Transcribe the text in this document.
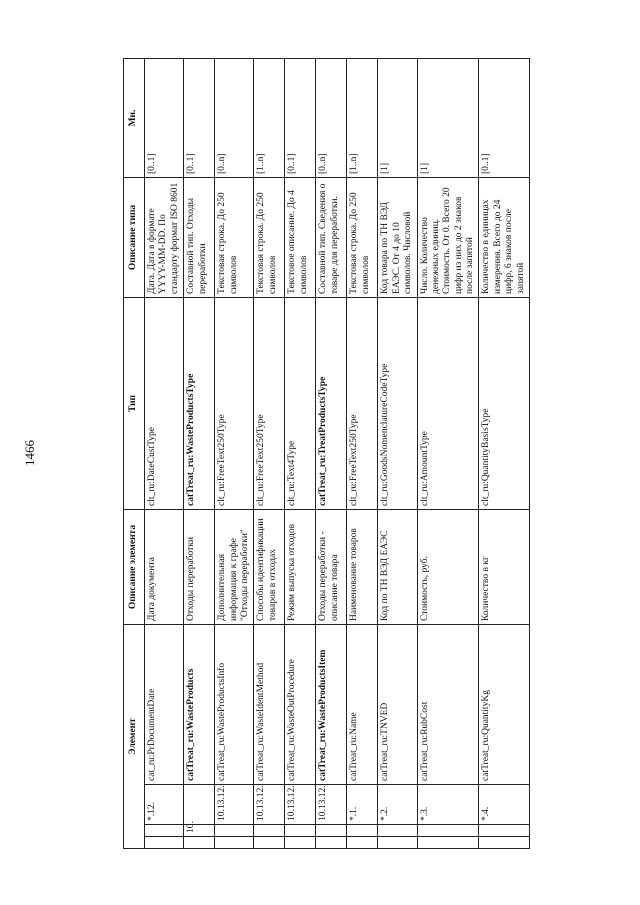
1466
Элемент				Описание элемента	Тип	Описание типа	Мн.
		*.12.	cat_ru:PrDocumentDate	Дата документа	clt_ru:DateCustType	Дата. Дата в формате YYYY-MM-DD. По стандарту формат ISO 8601	[0..1]
	10.		catTreat_ru:WasteProducts	Отходы переработки	catTreat_ru:WasteProductsType	Составной тип. Отходы переработки	[0..1]
		10.13.12.	catTreat_ru:WasteProductsInfo	Дополнительная информация к графе "Отходы переработки"	clt_ru:FreeText250Type	Текстовая строка. До 250 символов	[0..n]
		10.13.12.	catTreat_ru:WasteIdentMethod	Способы идентификации товаров в отходах	clt_ru:FreeText250Type	Текстовая строка. До 250 символов	[1..n]
		10.13.12.	catTreat_ru:WasteOutProcedure	Режим выпуска отходов	clt_ru:Text4Type	Текстовое описание. До 4 символов	[0..1]
		10.13.12.	catTreat_ru:WasteProductsItem	Отходы переработки - описание товара	catTreat_ru:TreatProductsType	Составной тип. Сведения о товаре для переработки.	[0..n]
		*.1.	catTreat_ru:Name	Наименование товаров	clt_ru:FreeText250Type	Текстовая строка. До 250 символов	[1..n]
		*.2.	catTreat_ru:TNVED	Код по ТН ВЭД ЕАЭС	clt_ru:GoodsNomenclatureCodeType	Код товара по ТН ВЭД ЕАЭС. От 4 до 10 символов. Числовой	[1]
		*.3.	catTreat_ru:RubCost	Стоимость, руб.	clt_ru:AmountType	Число. Количество денежных единиц. Стоимость. От 0. Всего 20 цифр из них до 2 знаков после запятой	[1]
		*.4.	catTreat_ru:QuantityKg	Количество в кг	clt_ru:QuantityBasisType	Количество в единицах измерения. Всего до 24 цифр, 6 знаков после запятой	[0..1]
